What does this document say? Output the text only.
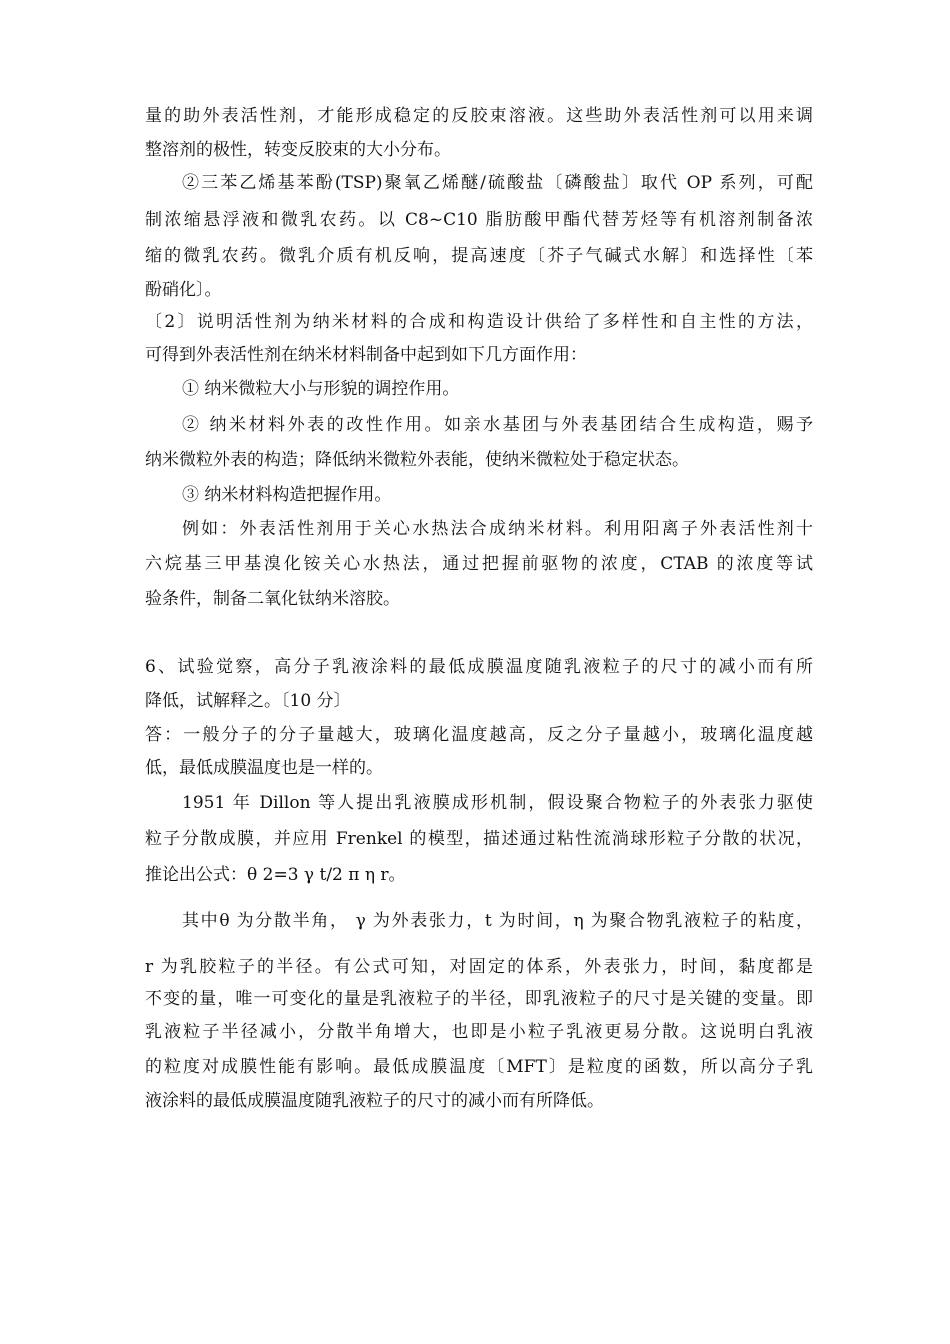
量的助外表活性剂，才能形成稳定的反胶束溶液。这些助外表活性剂可以用来调
整溶剂的极性，转变反胶束的大小分布。
②三苯乙烯基苯酚(TSP)聚氧乙烯醚/硫酸盐〔磷酸盐〕取代 OP 系列，可配
制浓缩悬浮液和微乳农药。以 C8~C10 脂肪酸甲酯代替芳烃等有机溶剂制备浓
缩的微乳农药。微乳介质有机反响，提高速度〔芥子气碱式水解〕和选择性〔苯
酚硝化〕。
〔2〕说明活性剂为纳米材料的合成和构造设计供给了多样性和自主性的方法，
可得到外表活性剂在纳米材料制备中起到如下几方面作用：
① 纳米微粒大小与形貌的调控作用。
② 纳米材料外表的改性作用。如亲水基团与外表基团结合生成构造，赐予
纳米微粒外表的构造；降低纳米微粒外表能，使纳米微粒处于稳定状态。
③ 纳米材料构造把握作用。
例如：外表活性剂用于关心水热法合成纳米材料。利用阳离子外表活性剂十
六烷基三甲基溴化铵关心水热法，通过把握前驱物的浓度，CTAB 的浓度等试
验条件，制备二氧化钛纳米溶胶。
6、试验觉察，高分子乳液涂料的最低成膜温度随乳液粒子的尺寸的减小而有所
降低，试解释之。〔10 分〕
答：一般分子的分子量越大，玻璃化温度越高，反之分子量越小，玻璃化温度越
低，最低成膜温度也是一样的。
1951 年 Dillon 等人提出乳液膜成形机制，假设聚合物粒子的外表张力驱使
粒子分散成膜，并应用 Frenkel 的模型，描述通过粘性流淌球形粒子分散的状况，
推论出公式：θ 2=3 γ t/2 π η r。
其中θ 为分散半角， γ 为外表张力，t 为时间，η 为聚合物乳液粒子的粘度，
r 为乳胶粒子的半径。有公式可知，对固定的体系，外表张力，时间，黏度都是
不变的量，唯一可变化的量是乳液粒子的半径，即乳液粒子的尺寸是关键的变量。即
乳液粒子半径减小，分散半角增大，也即是小粒子乳液更易分散。这说明白乳液
的粒度对成膜性能有影响。最低成膜温度〔MFT〕是粒度的函数，所以高分子乳
液涂料的最低成膜温度随乳液粒子的尺寸的减小而有所降低。
